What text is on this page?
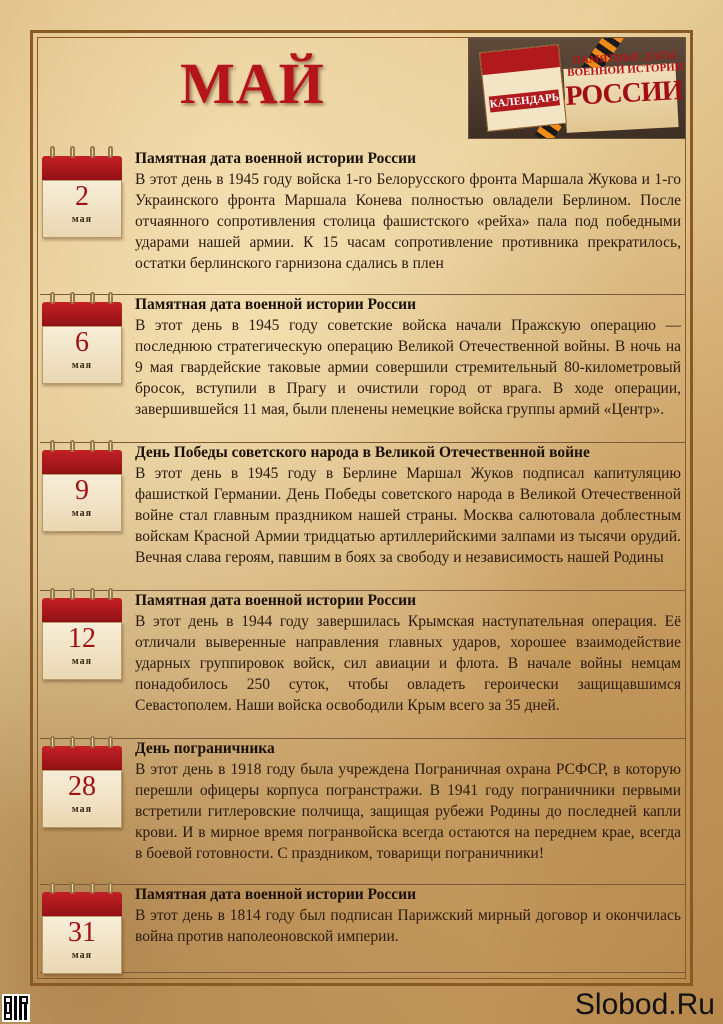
МАЙ	ПАМЯТНЫЕ ДАТЫ ВОЕННОЙ ИСТОРИИ
РОССИИ
КАЛЕНДАРЬ
2
мая
Памятная дата военной истории России
В этот день в 1945 году войска 1-го Белорусского фронта Маршала Жукова и 1-го Украинского фронта Маршала Конева полностью овладели Берлином. После отчаянного сопротивления столица фашистского «рейха» пала под победными ударами нашей армии. К 15 часам сопротивление противника прекратилось, остатки берлинского гарнизона сдались в плен
6
мая
Памятная дата военной истории России
В этот день в 1945 году советские войска начали Пражскую операцию — последнюю стратегическую операцию Великой Отечественной войны. В ночь на 9 мая гвардейские таковые армии совершили стремительный 80-километровый бросок, вступили в Прагу и очистили город от врага. В ходе операции, завершившейся 11 мая, были пленены немецкие войска группы армий «Центр».
9
мая
День Победы советского народа в Великой Отечественной войне
В этот день в 1945 году в Берлине Маршал Жуков подписал капитуляцию фашисткой Германии. День Победы советского народа в Великой Отечественной войне стал главным праздником нашей страны. Москва салютовала доблестным войскам Красной Армии тридцатью артиллерийскими залпами из тысячи орудий. Вечная слава героям, павшим в боях за свободу и независимость нашей Родины
12
мая
Памятная дата военной истории России
В этот день в 1944 году завершилась Крымская наступательная операция. Её отличали выверенные направления главных ударов, хорошее взаимодействие ударных группировок войск, сил авиации и флота. В начале войны немцам понадобилось 250 суток, чтобы овладеть героически защищавшимся Севастополем. Наши войска освободили Крым всего за 35 дней.
28
мая
День пограничника
В этот день в 1918 году была учреждена Пограничная охрана РСФСР, в которую перешли офицеры корпуса погранстражи. В 1941 году пограничники первыми встретили гитлеровские полчища, защищая рубежи Родины до последней капли крови. И в мирное время погранвойска всегда остаются на переднем крае, всегда в боевой готовности. С праздником, товарищи пограничники!
31
мая
Памятная дата военной истории России
В этот день в 1814 году был подписан Парижский мирный договор и окончилась война против наполеоновской империи.
Slobod.Ru
